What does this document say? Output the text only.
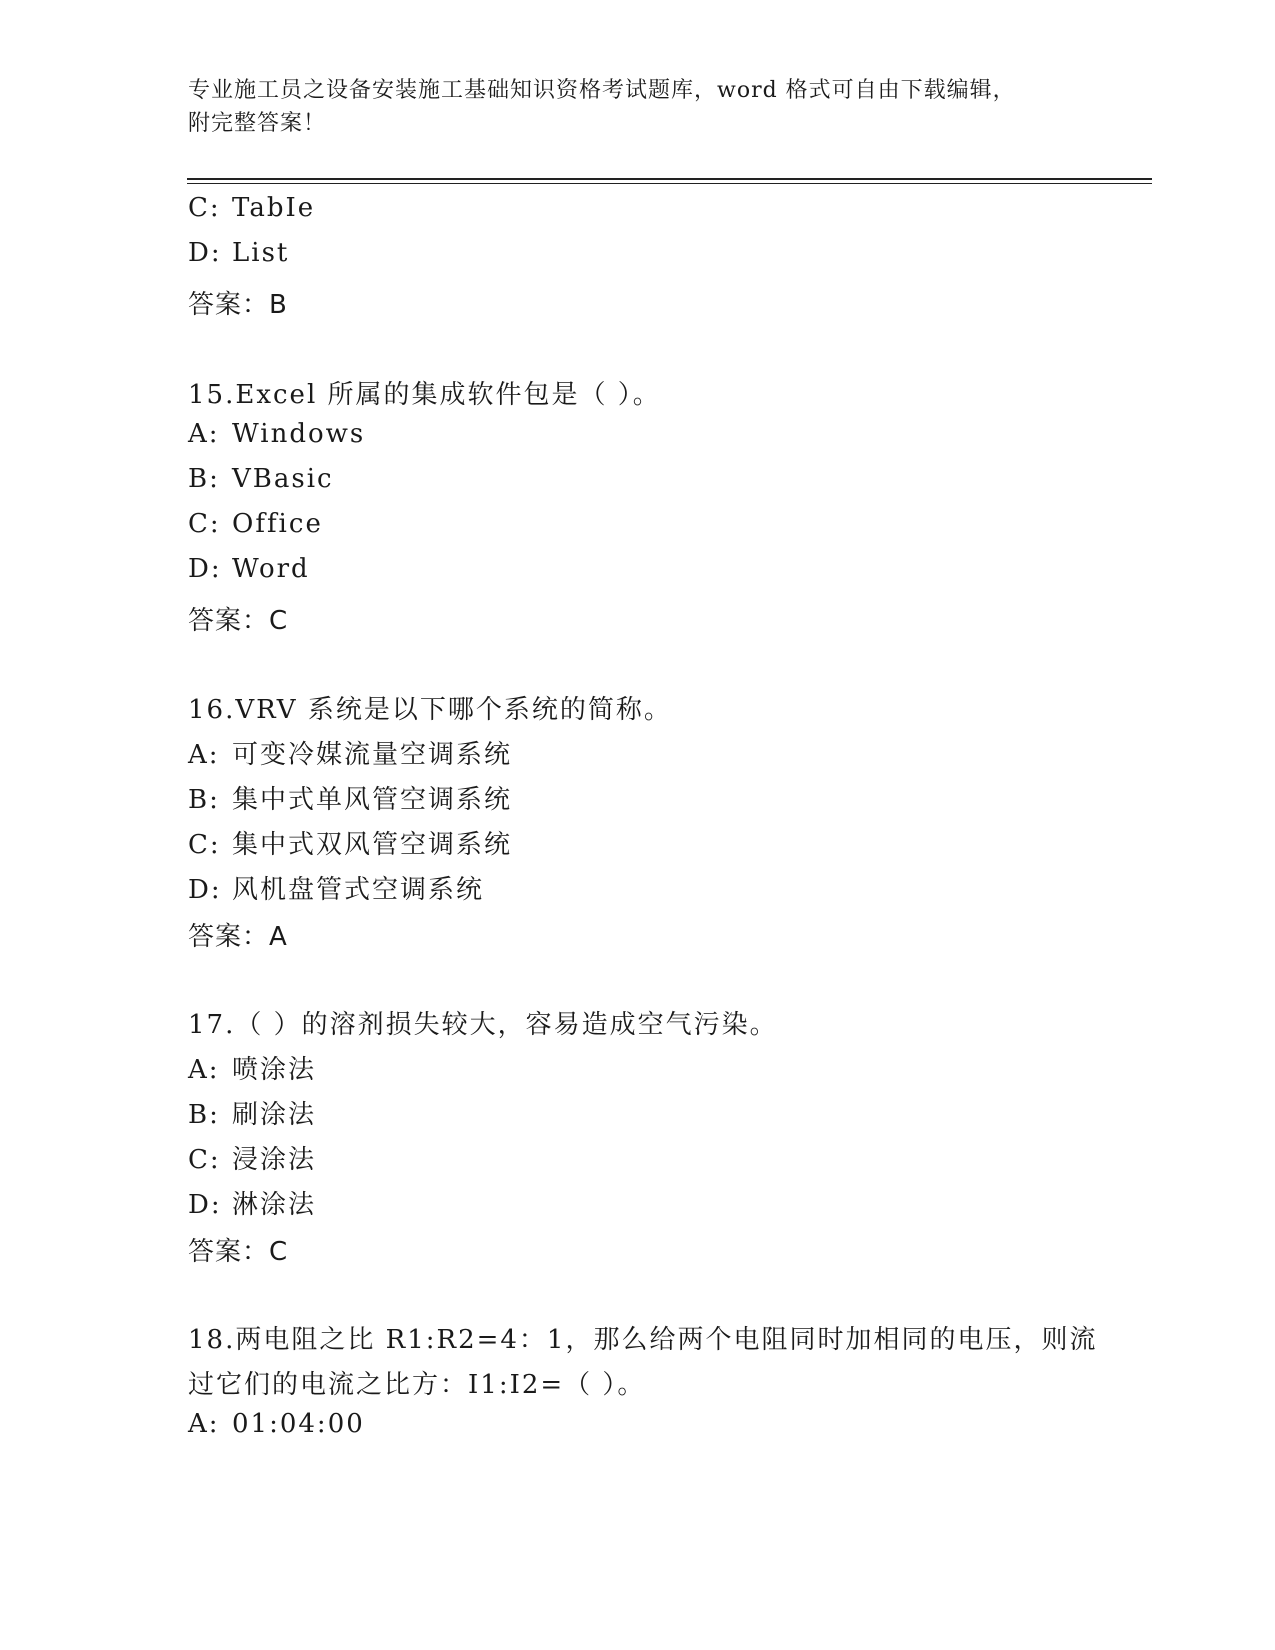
专业施工员之设备安装施工基础知识资格考试题库，word 格式可自由下载编辑，
附完整答案！
C: TabIe
D: List
答案：B
15.Excel 所属的集成软件包是（ ）。
A: Windows
B: VBasic
C: Office
D: Word
答案：C
16.VRV 系统是以下哪个系统的简称。
A: 可变冷媒流量空调系统
B: 集中式单风管空调系统
C: 集中式双风管空调系统
D: 风机盘管式空调系统
答案：A
17.（ ）的溶剂损失较大，容易造成空气污染。
A: 喷涂法
B: 刷涂法
C: 浸涂法
D: 淋涂法
答案：C
18.两电阻之比 R1:R2=4：1，那么给两个电阻同时加相同的电压，则流
过它们的电流之比方：I1:I2=（ ）。
A: 01:04:00
